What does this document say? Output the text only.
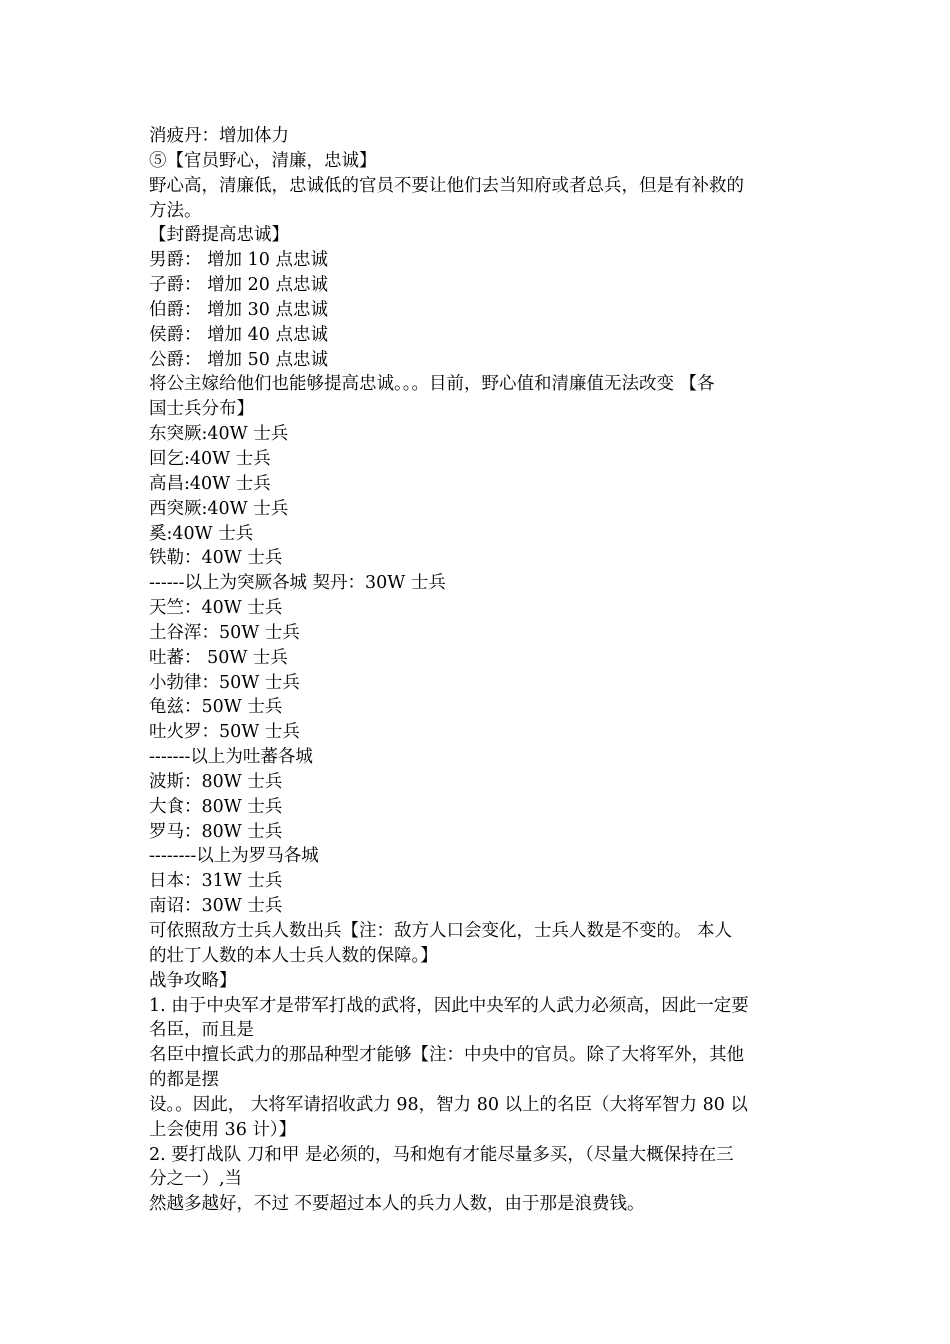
消疲丹：增加体力
⑤【官员野心，清廉，忠诚】
野心高，清廉低，忠诚低的官员不要让他们去当知府或者总兵，但是有补救的
方法。
【封爵提高忠诚】
男爵： 增加 10 点忠诚
子爵： 增加 20 点忠诚
伯爵： 增加 30 点忠诚
侯爵： 增加 40 点忠诚
公爵： 增加 50 点忠诚
将公主嫁给他们也能够提高忠诚。。。目前，野心值和清廉值无法改变 【各
国士兵分布】
东突厥:40W 士兵
回乞:40W 士兵
高昌:40W 士兵
西突厥:40W 士兵
奚:40W 士兵
铁勒：40W 士兵
------以上为突厥各城 契丹：30W 士兵
天竺：40W 士兵
土谷浑：50W 士兵
吐蕃： 50W 士兵
小勃律：50W 士兵
龟兹：50W 士兵
吐火罗：50W 士兵
-------以上为吐蕃各城
波斯：80W 士兵
大食：80W 士兵
罗马：80W 士兵
--------以上为罗马各城
日本：31W 士兵
南诏：30W 士兵
可依照敌方士兵人数出兵【注：敌方人口会变化，士兵人数是不变的。 本人
的壮丁人数的本人士兵人数的保障。】
战争攻略】
1. 由于中央军才是带军打战的武将，因此中央军的人武力必须高，因此一定要
名臣，而且是
名臣中擅长武力的那品种型才能够【注：中央中的官员。除了大将军外，其他
的都是摆
设。。因此， 大将军请招收武力 98，智力 80 以上的名臣（大将军智力 80 以
上会使用 36 计）】
2. 要打战队 刀和甲 是必须的，马和炮有才能尽量多买，（尽量大概保持在三
分之一）,当
然越多越好，不过 不要超过本人的兵力人数，由于那是浪费钱。
